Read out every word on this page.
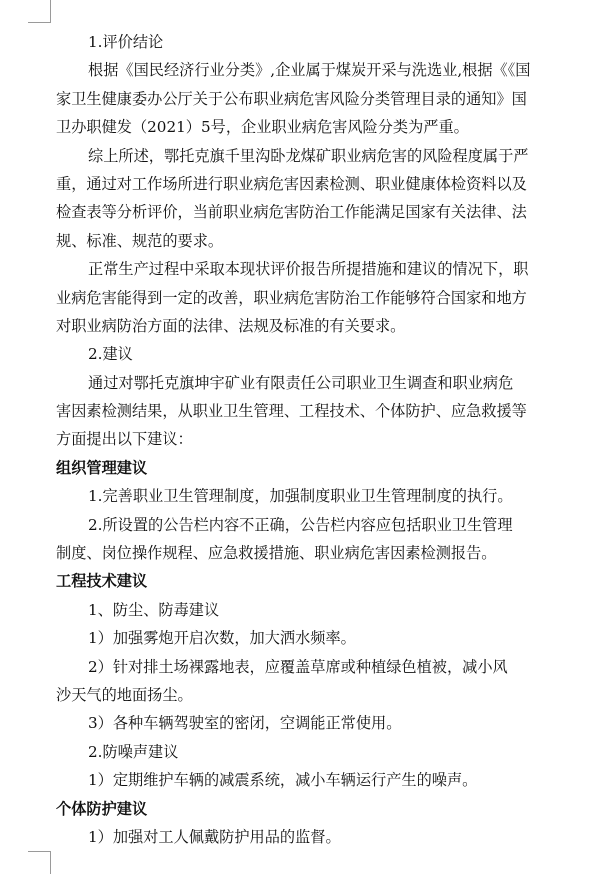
1.评价结论
根据《国民经济行业分类》,企业属于煤炭开采与洗选业,根据《《国
家卫生健康委办公厅关于公布职业病危害风险分类管理目录的通知》国
卫办职健发（2021）5号，企业职业病危害风险分类为严重。
综上所述，鄂托克旗千里沟卧龙煤矿职业病危害的风险程度属于严
重，通过对工作场所进行职业病危害因素检测、职业健康体检资料以及
检查表等分析评价，当前职业病危害防治工作能满足国家有关法律、法
规、标准、规范的要求。
正常生产过程中采取本现状评价报告所提措施和建议的情况下，职
业病危害能得到一定的改善，职业病危害防治工作能够符合国家和地方
对职业病防治方面的法律、法规及标准的有关要求。
2.建议
通过对鄂托克旗坤宇矿业有限责任公司职业卫生调查和职业病危
害因素检测结果，从职业卫生管理、工程技术、个体防护、应急救援等
方面提出以下建议：
组织管理建议
1.完善职业卫生管理制度，加强制度职业卫生管理制度的执行。
2.所设置的公告栏内容不正确，公告栏内容应包括职业卫生管理
制度、岗位操作规程、应急救援措施、职业病危害因素检测报告。
工程技术建议
1、防尘、防毒建议
1）加强雾炮开启次数，加大洒水频率。
2）针对排土场裸露地表，应覆盖草席或种植绿色植被，减小风
沙天气的地面扬尘。
3）各种车辆驾驶室的密闭，空调能正常使用。
2.防噪声建议
1）定期维护车辆的减震系统，减小车辆运行产生的噪声。
个体防护建议
1）加强对工人佩戴防护用品的监督。
